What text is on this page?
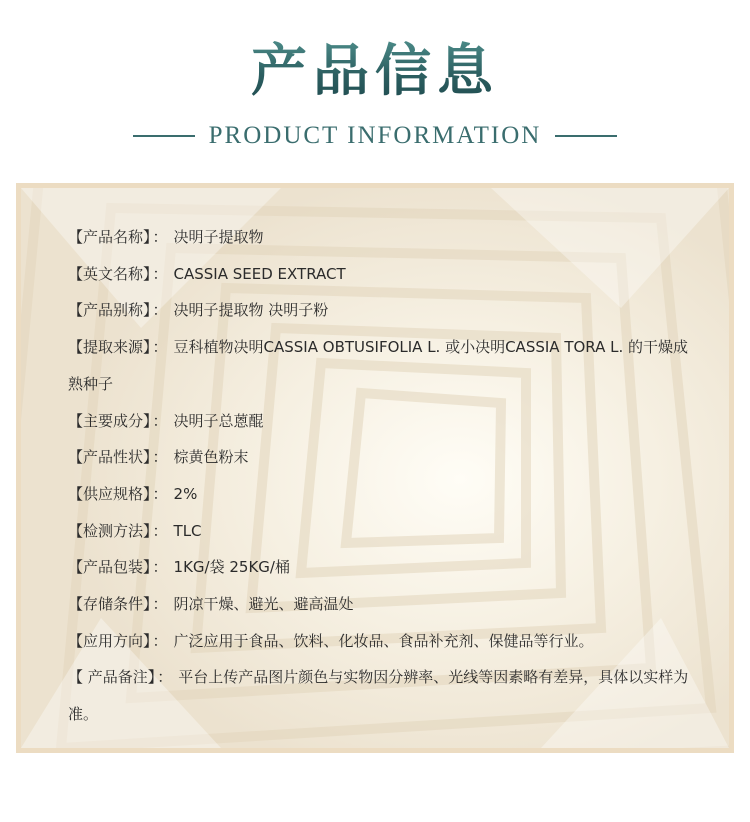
产品信息
PRODUCT INFORMATION
【产品名称】 ： 决明子提取物
【英文名称】 ： CASSIA SEED EXTRACT
【产品别称】 ： 决明子提取物 决明子粉
【提取来源】 ： 豆科植物决明CASSIA OBTUSIFOLIA L. 或小决明CASSIA TORA L. 的干燥成熟种子
【主要成分】 ： 决明子总蒽醌
【产品性状】 ： 棕黄色粉末
【供应规格】 ： 2%
【检测方法】 ： TLC
【产品包装】 ： 1KG/袋 25KG/桶
【存储条件】 ： 阴凉干燥、避光、避高温处
【应用方向】 ： 广泛应用于食品、饮料、化妆品、食品补充剂、保健品等行业。
【 产品备注】 ： 平台上传产品图片颜色与实物因分辨率、光线等因素略有差异，具体以实样为准。
